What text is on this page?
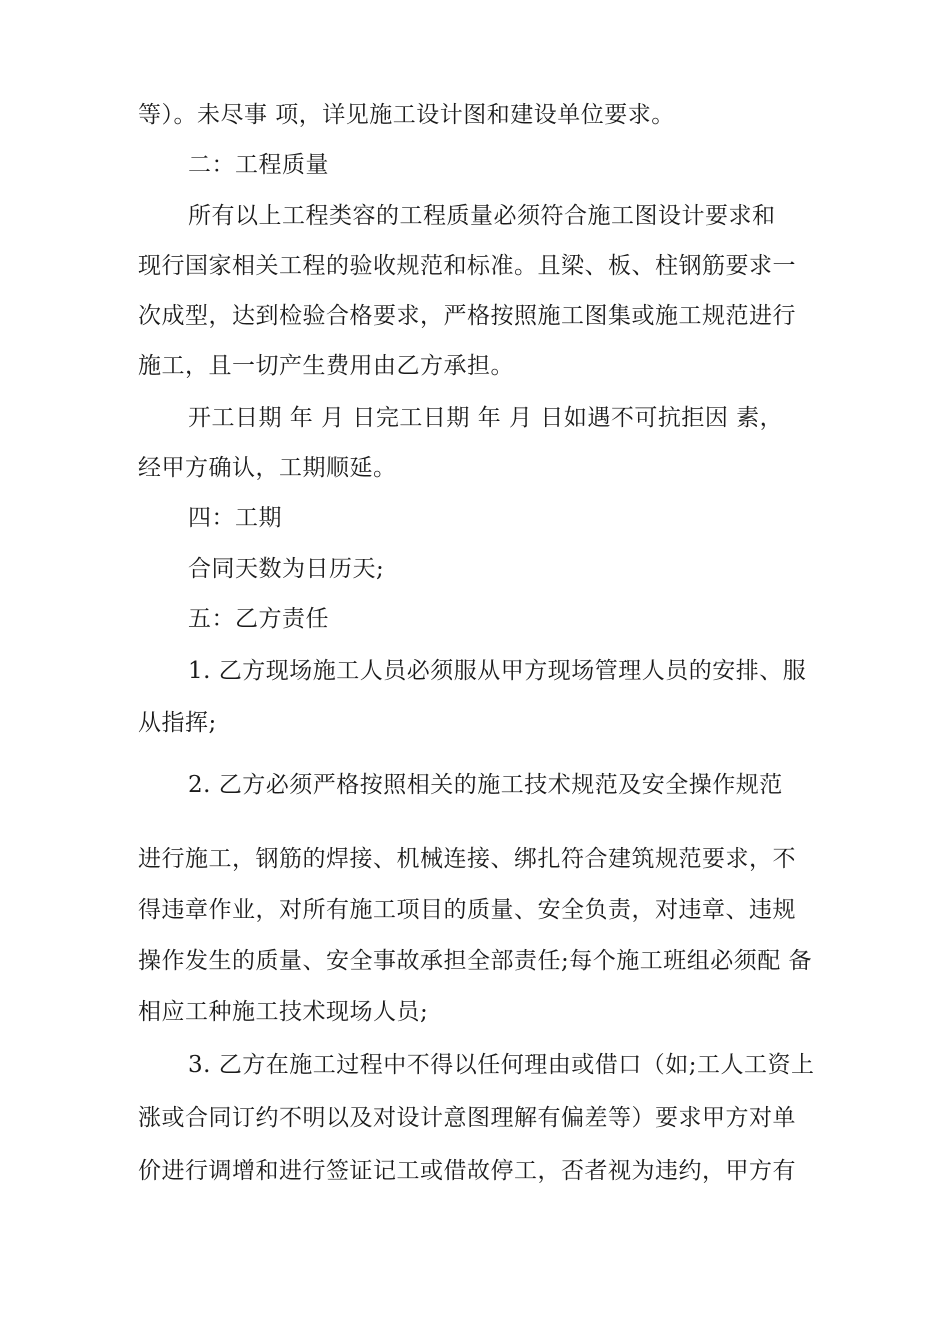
等）。未尽事 项，详见施工设计图和建设单位要求。
二：工程质量
所有以上工程类容的工程质量必须符合施工图设计要求和
现行国家相关工程的验收规范和标准。且梁、板、柱钢筋要求一
次成型，达到检验合格要求，严格按照施工图集或施工规范进行
施工，且一切产生费用由乙方承担。
开工日期 年 月 日完工日期 年 月 日如遇不可抗拒因 素，
经甲方确认，工期顺延。
四：工期
合同天数为日历天;
五：乙方责任
1. 乙方现场施工人员必须服从甲方现场管理人员的安排、服
从指挥;
2. 乙方必须严格按照相关的施工技术规范及安全操作规范
进行施工，钢筋的焊接、机械连接、绑扎符合建筑规范要求，不
得违章作业，对所有施工项目的质量、安全负责，对违章、违规
操作发生的质量、安全事故承担全部责任;每个施工班组必须配 备
相应工种施工技术现场人员;
3. 乙方在施工过程中不得以任何理由或借口（如;工人工资上
涨或合同订约不明以及对设计意图理解有偏差等）要求甲方对单
价进行调增和进行签证记工或借故停工，否者视为违约，甲方有
